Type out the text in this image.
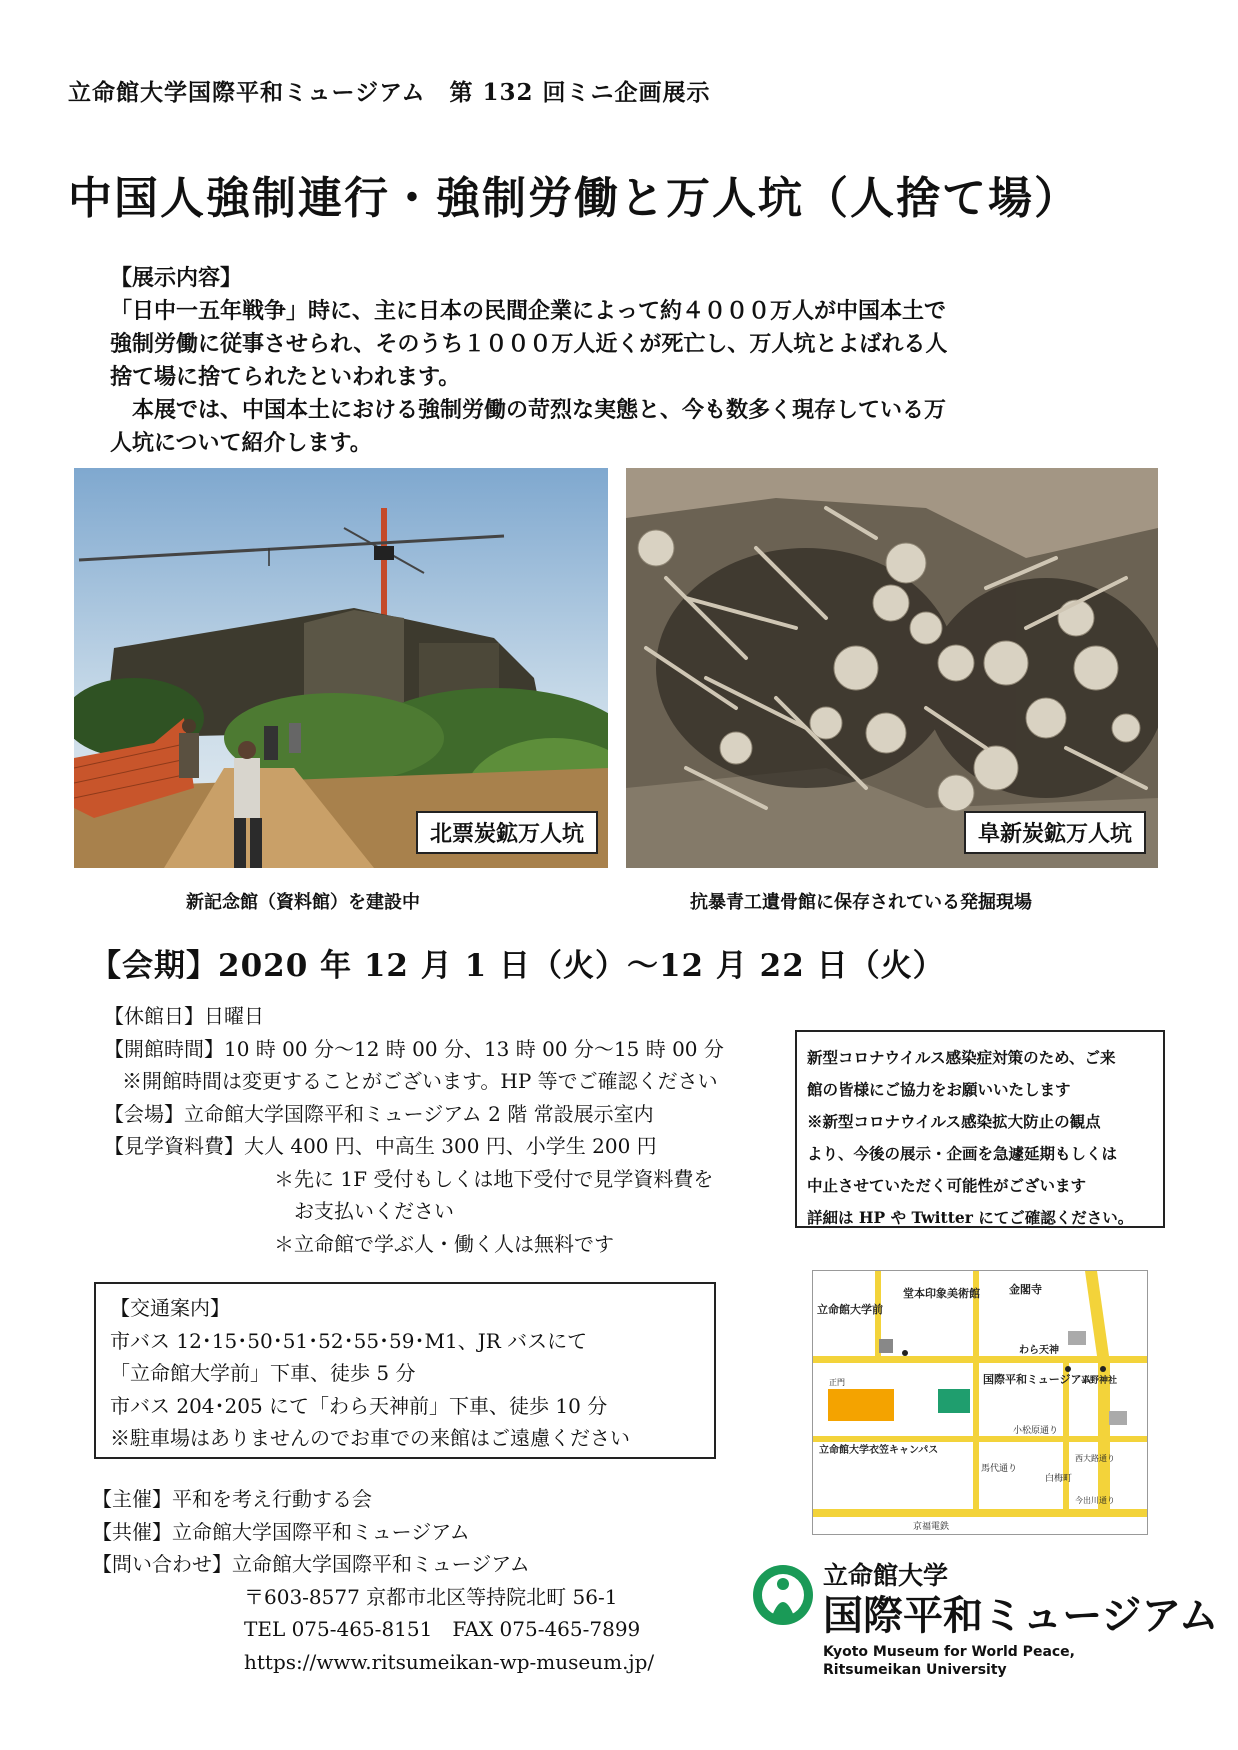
立命館大学国際平和ミュージアム　第 132 回ミニ企画展示
中国人強制連行・強制労働と万人坑（人捨て場）

【展示内容】

「日中一五年戦争」時に、主に日本の民間企業によって約４０００万人が中国本土で

強制労働に従事させられ、そのうち１０００万人近くが死亡し、万人坑とよばれる人

捨て場に捨てられたといわれます。

　本展では、中国本土における強制労働の苛烈な実態と、今も数多く現存している万

人坑について紹介します。

北票炭鉱万人坑
新記念館（資料館）を建設中
阜新炭鉱万人坑
抗暴青工遺骨館に保存されている発掘現場
【会期】2020 年 12 月 1 日（火）～12 月 22 日（火）
【休館日】日曜日
【開館時間】10 時 00 分～12 時 00 分、13 時 00 分～15 時 00 分
※開館時間は変更することがございます。HP 等でご確認ください
【会場】立命館大学国際平和ミュージアム 2 階 常設展示室内
【見学資料費】大人 400 円、中高生 300 円、小学生 200 円
＊先に 1F 受付もしくは地下受付で見学資料費を
お支払いください
＊立命館で学ぶ人・働く人は無料です
新型コロナウイルス感染症対策のため、ご来
館の皆様にご協力をお願いいたします
※新型コロナウイルス感染拡大防止の観点
より、今後の展示・企画を急遽延期もしくは
中止させていただく可能性がございます
詳細は HP や Twitter にてご確認ください。
【交通案内】
市バス 12･15･50･51･52･55･59･M1、JR バスにて
「立命館大学前」下車、徒歩 5 分
市バス 204･205 にて「わら天神前」下車、徒歩 10 分
※駐車場はありませんのでお車での来館はご遠慮ください
【主催】平和を考え行動する会
【共催】立命館大学国際平和ミュージアム
【問い合わせ】立命館大学国際平和ミュージアム
〒603-8577 京都市北区等持院北町 56-1
TEL 075-465-8151　FAX 075-465-7899
https://www.ritsumeikan-wp-museum.jp/
正門
立命館大学前
堂本印象美術館	金閣寺
国際平和ミュージアム
わら天神
平野神社
立命館大学衣笠キャンパス
小松原通り
馬代通り
白梅町
西大路通り
今出川通り
京福電鉄
立命館大学
国際平和ミュージアム
Kyoto Museum for World Peace,
Ritsumeikan University
